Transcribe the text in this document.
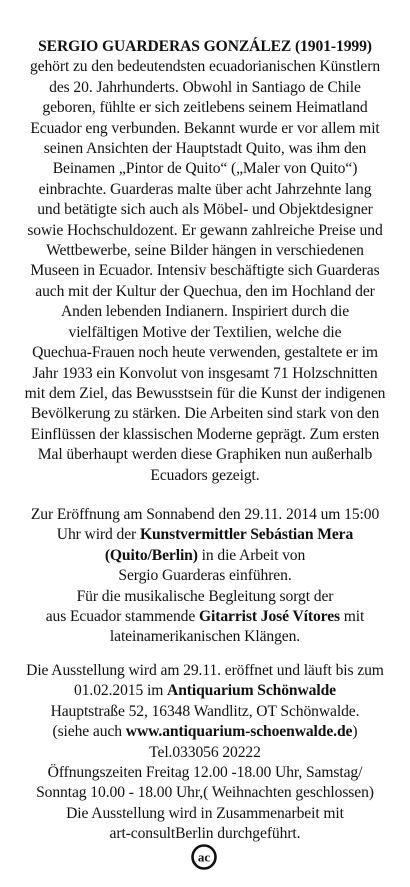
SERGIO GUARDERAS GONZÁLEZ (1901-1999)
gehört zu den bedeutendsten ecuadorianischen Künstlern
des 20. Jahrhunderts. Obwohl in Santiago de Chile
geboren, fühlte er sich zeitlebens seinem Heimatland
Ecuador eng verbunden. Bekannt wurde er vor allem mit
seinen Ansichten der Hauptstadt Quito, was ihm den
Beinamen „Pintor de Quito“ („Maler von Quito“)
einbrachte. Guarderas malte über acht Jahrzehnte lang
und betätigte sich auch als Möbel- und Objektdesigner
sowie Hochschuldozent. Er gewann zahlreiche Preise und
Wettbewerbe, seine Bilder hängen in verschiedenen
Museen in Ecuador. Intensiv beschäftigte sich Guarderas
auch mit der Kultur der Quechua, den im Hochland der
Anden lebenden Indianern. Inspiriert durch die
vielfältigen Motive der Textilien, welche die
Quechua-Frauen noch heute verwenden, gestaltete er im
Jahr 1933 ein Konvolut von insgesamt 71 Holzschnitten
mit dem Ziel, das Bewusstsein für die Kunst der indigenen
Bevölkerung zu stärken. Die Arbeiten sind stark von den
Einflüssen der klassischen Moderne geprägt. Zum ersten
Mal überhaupt werden diese Graphiken nun außerhalb
Ecuadors gezeigt.
Zur Eröffnung am Sonnabend den 29.11. 2014 um 15:00
Uhr wird der Kunstvermittler Sebástian Mera
(Quito/Berlin) in die Arbeit von
Sergio Guarderas einführen.
Für die musikalische Begleitung sorgt der
aus Ecuador stammende Gitarrist José Vítores mit
lateinamerikanischen Klängen.
Die Ausstellung wird am 29.11. eröffnet und läuft bis zum
01.02.2015 im Antiquarium Schönwalde
Hauptstraße 52, 16348 Wandlitz, OT Schönwalde.
(siehe auch www.antiquarium-schoenwalde.de)
Tel.033056 20222
Öffnungszeiten Freitag 12.00 -18.00 Uhr, Samstag/
Sonntag 10.00 - 18.00 Uhr,( Weihnachten geschlossen)
Die Ausstellung wird in Zusammenarbeit mit
art-consultBerlin durchgeführt.
ac
